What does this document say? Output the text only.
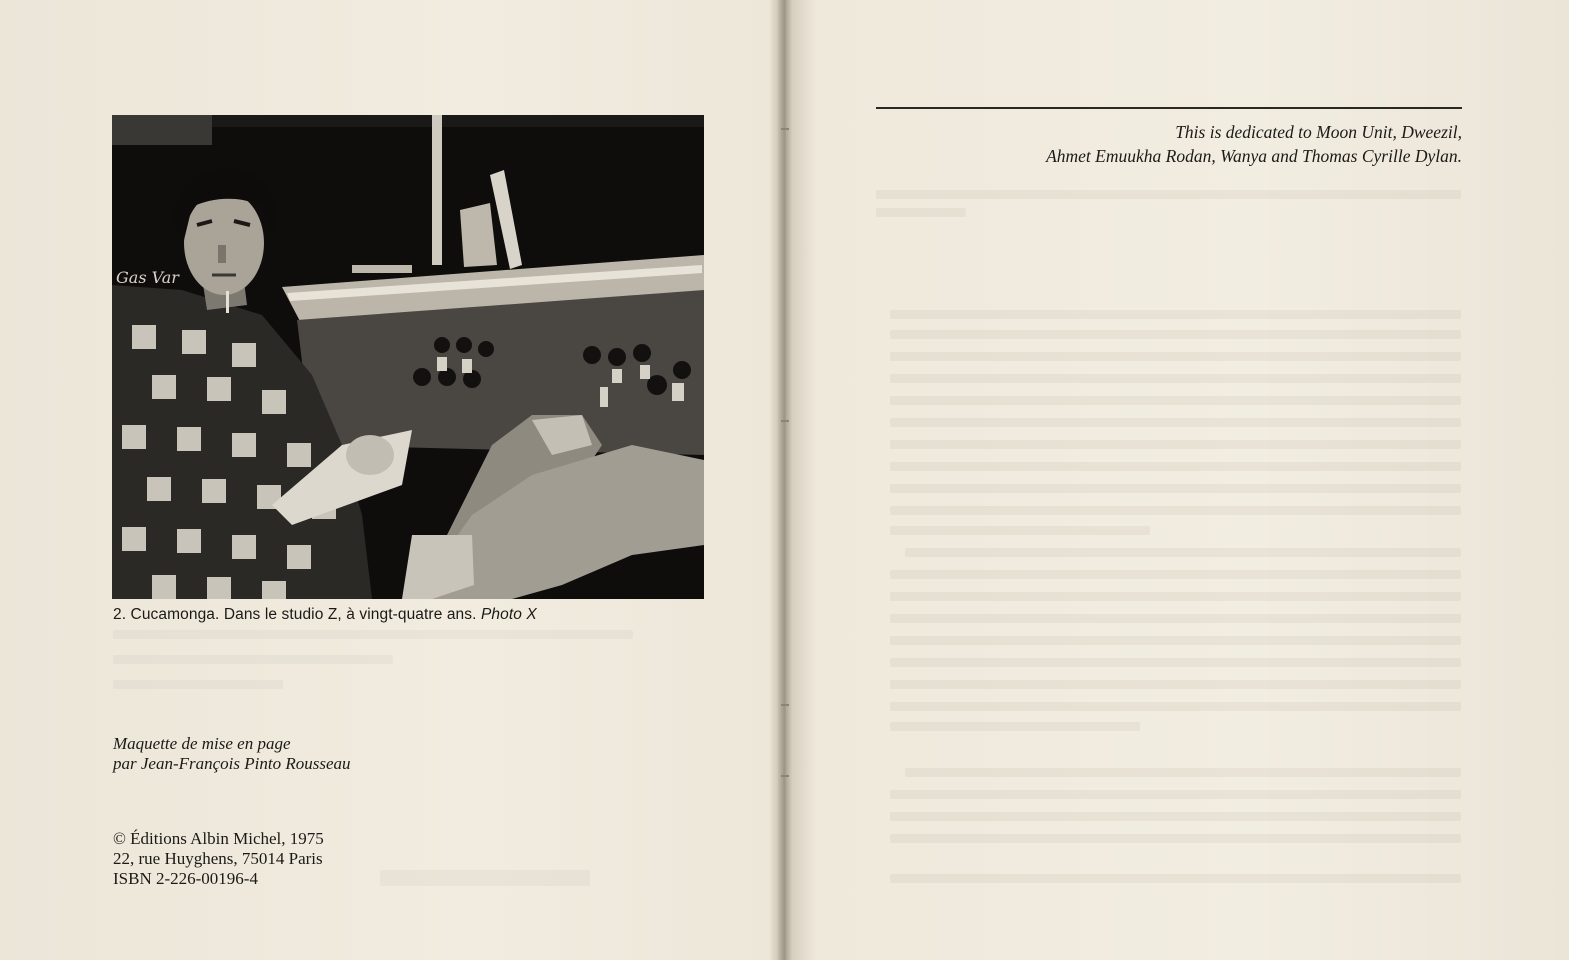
Gas Var
2. Cucamonga. Dans le studio Z, à vingt-quatre ans. Photo X
Maquette de mise en page
par Jean-François Pinto Rousseau
© Éditions Albin Michel, 1975
22, rue Huyghens, 75014 Paris
ISBN 2-226-00196-4
This is dedicated to Moon Unit, Dweezil,
Ahmet Emuukha Rodan, Wanya and Thomas Cyrille Dylan.
